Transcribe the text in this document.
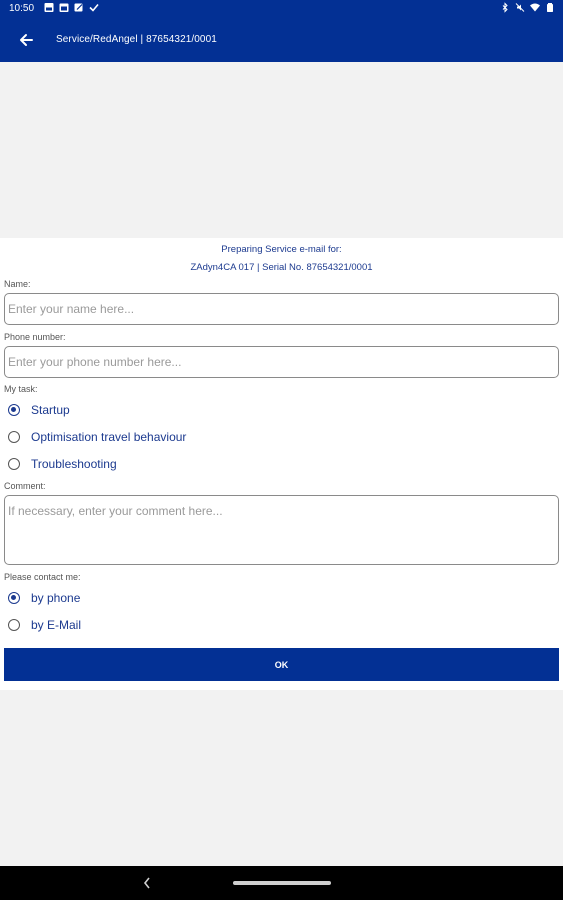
10:50
Service/RedAngel | 87654321/0001
Preparing Service e-mail for:
ZAdyn4CA 017 | Serial No. 87654321/0001
Name:
Enter your name here...
Phone number:
Enter your phone number here...
My task:
Startup
Optimisation travel behaviour
Troubleshooting
Comment:
If necessary, enter your comment here...
Please contact me:
by phone
by E-Mail
OK
